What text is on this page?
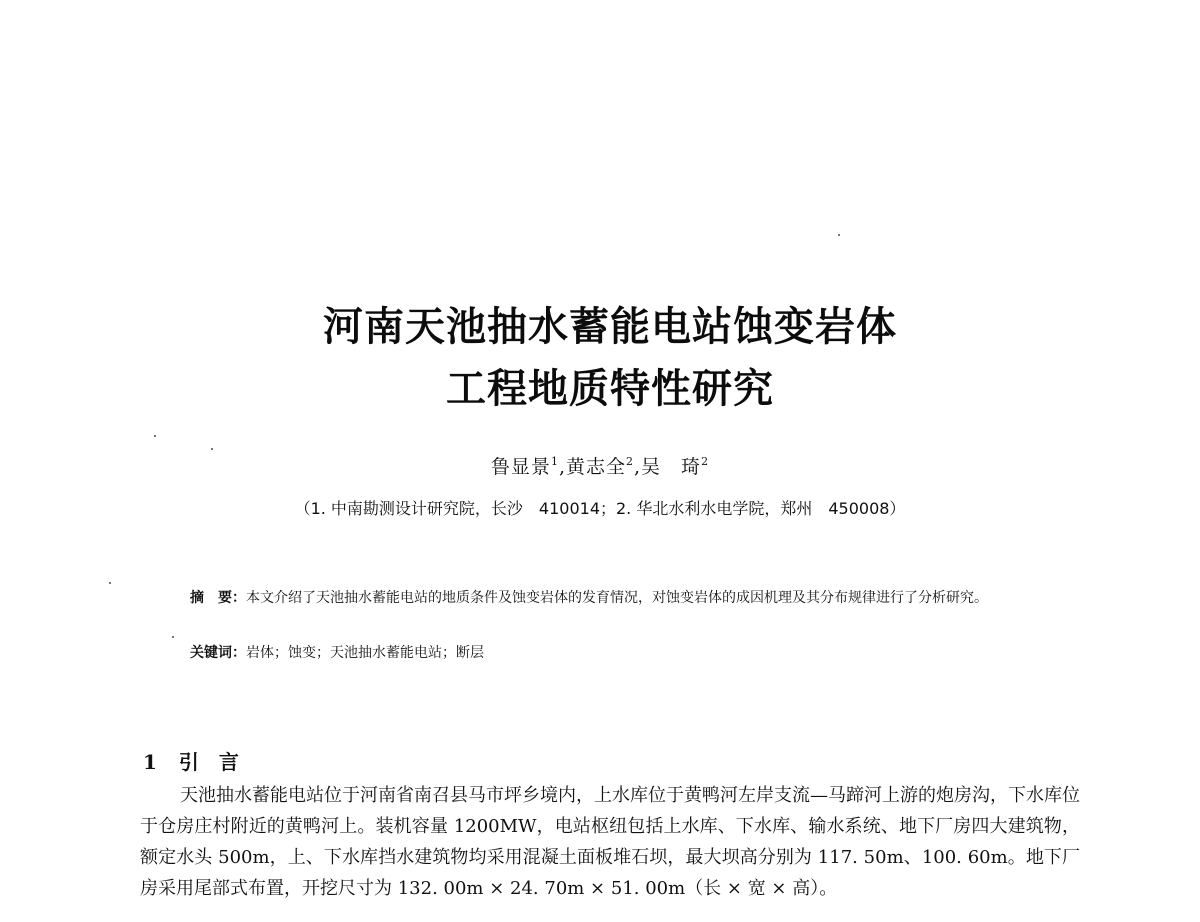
河南天池抽水蓄能电站蚀变岩体
工程地质特性研究
鲁显景$^1$,黄志全$^2$,吴　琦$^2$
（1. 中南勘测设计研究院，长沙　410014；2. 华北水利水电学院，郑州　450008）
摘　要：本文介绍了天池抽水蓄能电站的地质条件及蚀变岩体的发育情况，对蚀变岩体的成因机理及其分布规律进行了分析研究。
关键词：岩体；蚀变；天池抽水蓄能电站；断层
1 引言

天池抽水蓄能电站位于河南省南召县马市坪乡境内，上水库位于黄鸭河左岸支流—马蹄河上游的炮房沟，下水库位于仓房庄村附近的黄鸭河上。装机容量 1200MW，电站枢纽包括上水库、下水库、输水系统、地下厂房四大建筑物，额定水头 500m，上、下水库挡水建筑物均采用混凝土面板堆石坝，最大坝高分别为 117. 50m、100. 60m。地下厂房采用尾部式布置，开挖尺寸为 132. 00m × 24. 70m × 51. 00m（长 × 宽 × 高）。
